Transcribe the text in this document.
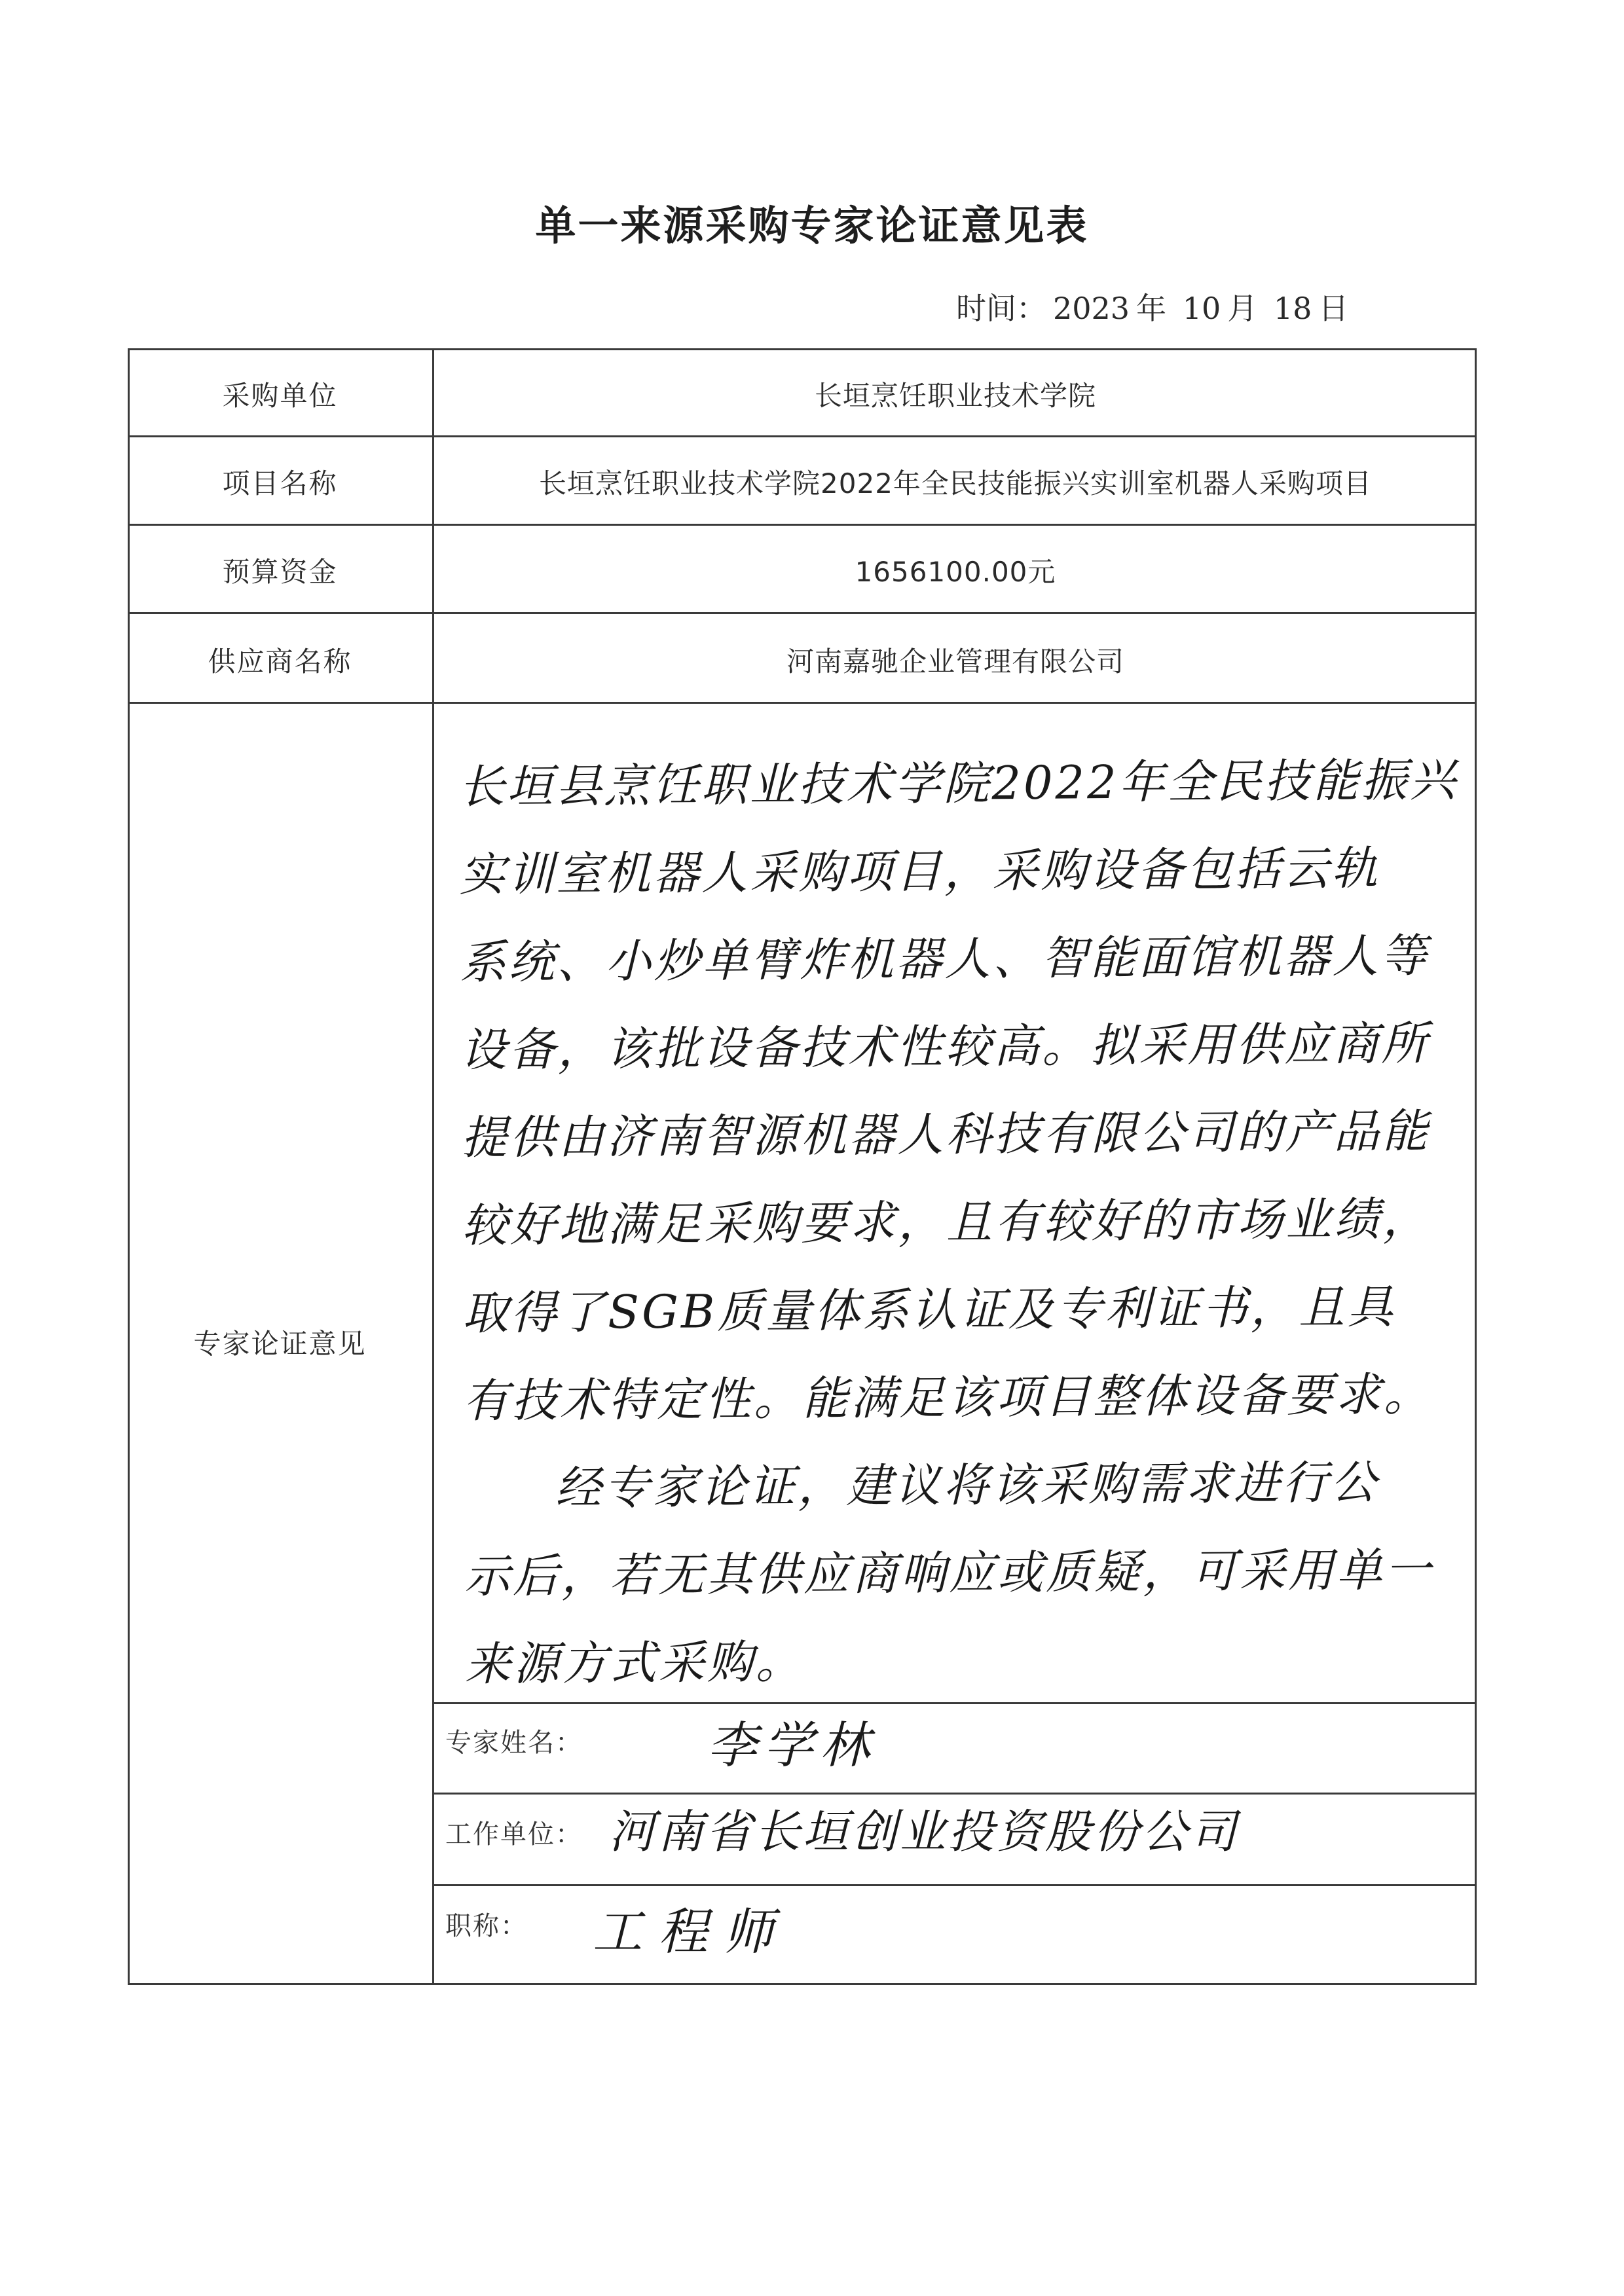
单一来源采购专家论证意见表
时间： 2023 年 10 月 18 日
采购单位	长垣烹饪职业技术学院
项目名称	长垣烹饪职业技术学院2022年全民技能振兴实训室机器人采购项目
预算资金	1656100.00元
供应商名称	河南嘉驰企业管理有限公司
专家论证意见

长垣县烹饪职业技术学院2022年全民技能振兴

实训室机器人采购项目，采购设备包括云轨

系统、小炒单臂炸机器人、智能面馆机器人等

设备，该批设备技术性较高。拟采用供应商所

提供由济南智源机器人科技有限公司的产品能

较好地满足采购要求，且有较好的市场业绩，

取得了SGB质量体系认证及专利证书，且具

有技术特定性。能满足该项目整体设备要求。

经专家论证，建议将该采购需求进行公

示后，若无其供应商响应或质疑，可采用单一

来源方式采购。

专家姓名：	李学林
工作单位： 河南省长垣创业投资股份公司
职称： 工程师
